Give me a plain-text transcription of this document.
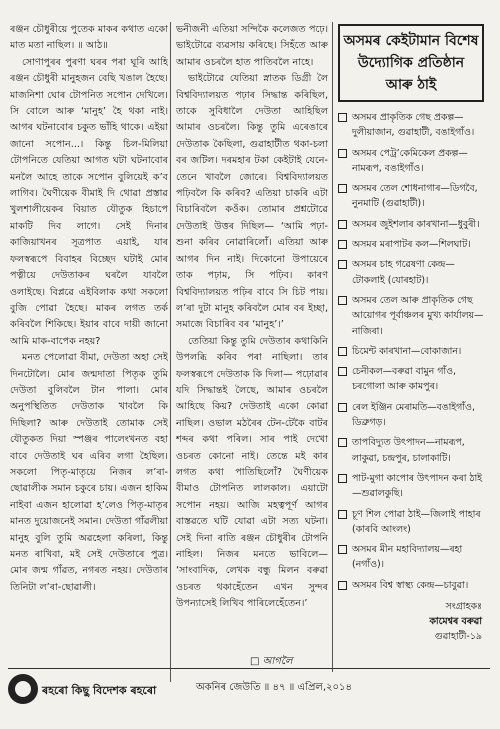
ৰঞ্জন চৌধুৰীয়ে পুতেক মাকৰ কথাত একো মাত মতা নাছিল। ॥ আঠ॥

সোণাপুৰৰ পুৰণা ঘৰৰ পৰা ঘূৰি আহি ৰঞ্জন চৌধুৰী মানুহজন বেছি খঙাল হৈছে। মাজনিশা ঘোৰ টোপনিত সপোন দেখিলে। সি বোলে আৰু ‘মানুহ’ হৈ থকা নাই। আগৰ ঘটনাবোৰ চকুত ভাঁহি থাকে। এইয়া জানো সপোন...। কিন্তু চিল-মিলিয়া টোপনিতে যেতিয়া আগত ঘটা ঘটনাবোৰ মনলৈ আহে তাকে সপোন বুলিয়েই ক’ব লাগিব। ঘৈণীয়েক বীমাই দি থোৱা প্ৰস্তাৱ খুলশালীয়েকৰ বিয়াত যৌতুক হিচাপে মাকটি দিব লাগে। সেই দিনাৰ কাজিয়াখনৰ সূত্ৰপাত এয়াই, যাৰ ফলস্বৰূপে বিবাহৰ বিচ্ছেদ ঘটাই মোৰ পত্নীয়ে দেউতাকৰ ঘৰলৈ যাবলৈ ওলাইছে। বিপ্লৱে এইবিলাক কথা সকলো বুজি পোৱা হৈছে। মাকৰ লগত তৰ্ক কৰিবলৈ শিকিছে। ইয়াৰ বাবে দায়ী জানো আমি মাক-বাপেক নহয়?

মনত পেলোৱা বীমা, দেউতা অহা সেই দিনটোলৈ। মোৰ জন্মদাতা পিতৃক তুমি দেউতা বুলিবলৈ টান পালা। মোৰ অনুপস্থিতিত দেউতাক খাবলৈ কি দিছিলা? আৰু দেউতাই তোমাক সেই যৌতুকত দিয়া স্পঞ্জৰ পালেংখনত বহা বাবে দেউতাই ঘৰ এৰিব লগা হৈছিল। সকলো পিতৃ-মাতৃয়ে নিজৰ ল’ৰা-ছোৱালীক সমান চকুৰে চায়। এজন হাকিম নাইবা এজন হালোৱা হ’লেও পিতৃ-মাতৃৰ মানত দুয়োজনেই সমান। দেউতা গাঁৱলীয়া মানুহ বুলি তুমি অৱহেলা কৰিলা, কিন্তু মনত ৰাখিবা, মই সেই দেউতাৰে পুত্ৰ। মোৰ জন্ম গাঁৱত, নগৰত নহয়। দেউতাৰ তিনিটা ল’ৰা-ছোৱালী।

ভনীজনী এতিয়া সন্দিকৈ কলেজত পঢ়ে। ভাইটোৱে ব্যৱসায় কৰিছে। সিহঁতে আৰু আমাৰ ওচৰলৈ হাত পাতিবলৈ নাহে।

ভাইটোৱে যেতিয়া স্নাতক ডিগ্ৰী লৈ বিশ্ববিদ্যালয়ত পঢ়াৰ সিদ্ধান্ত কৰিছিল, তাকে সুবিধালৈ দেউতা আহিছিল আমাৰ ওচৰলৈ। কিন্তু তুমি এৰেঙাৰে দেউতাক কৈছিলা, গুৱাহাটীত থকা-চলা বৰ জটিল। দৰমহাৰ টকা কেইটাই যেনে-তেনে খাবলৈ জোৰে। বিশ্ববিদ্যালয়ত পঢ়িবলৈ কি কৰিব? এতিয়া চাকৰি এটা বিচাৰিবলৈ কওঁক। তোমাৰ প্ৰশ্নটোৱে দেউতাই উত্তৰ দিছিল— ‘আমি পঢ়া-শুনা কৰিব নোৱাৰিলোঁ। এতিয়া আৰু আগৰ দিন নাই। দিকোনো উপায়েৰে তাক পঢ়াম, সি পঢ়িব। কাৰণ বিশ্ববিদ্যালয়ত পঢ়িৰ বাবে সি চিট পায়। ল’ৰা দুটা মানুহ কৰিবলৈ মোৰ বৰ ইচ্ছা, সমাজে বিচাৰিব বৰ ‘মানুহ’।’

তেতিয়া কিন্তু তুমি দেউতাৰ কথাকিনি উপলব্ধি কৰিব পৰা নাছিলা। তাৰ ফলস্বৰূপে দেউতাক কি দিলা— পঢ়োৱাৰ যদি সিদ্ধান্তই লৈছে, আমাৰ ওচৰলৈ আহিছে কিয়? দেউতাই একো কোৱা নাছিল। ওভাল মঠৰৈৰ টেন-টেকৈ বাটৰ শব্দৰ কথা পৰিল। সাৰ পাই দেখো ওচৰত কোনো নাই। তেন্তে মই কাৰ লগত কথা পাতিছিলোঁ? ঘৈণীয়েক বীমাও টোপনিত লালকাল। এয়াটো সপোন নহয়। আজি মহত্বপূৰ্ণ আগৰ বাস্তৱতে ঘটি যোৱা এটা সত্য ঘটনা। সেই দিনা ৰাতি ৰঞ্জন চৌধুৰীৰ টোপনি নাহিল। নিজৰ মনতে ভাবিলে— ‘সাংবাদিক, লেখক বন্ধু মিলন বৰুৱা ওচৰত থকাহেঁতেন এখন সুন্দৰ উপন্যাসেই লিখিব পাৰিলেহেঁতেন।’

□ আগলৈ
অসমৰ কেইটামান বিশেষ উদ্যোগিক প্ৰতিষ্ঠান আৰু ঠাই
অসমৰ প্ৰাকৃতিক গেছ প্ৰকল্প—দুলীয়াজান, গুৱাহাটী, বঙাইগাঁও।
অসমৰ পেট্ৰ’কেমিকেল প্ৰকল্প—নামৰূপ, বঙাইগাঁও।
অসমৰ তেল শোধনাগাৰ—ডিগবৈ, নুনমাটি (গুৱাহাটী)।
অসমৰ জুইশলাৰ কাৰখানা—ধুবুৰী।
অসমৰ মৰাপাটৰ কল—শিলঘাট।
অসমৰ চাহ গৱেষণা কেন্দ্ৰ—টোকলাই (যোৰহাট)।
অসমৰ তেল আৰু প্ৰাকৃতিক গেছ আয়োগৰ পূৰ্বাঞ্চলৰ মুখ্য কাৰ্যালয়—নাজিৰা।
চিমেন্ট কাৰখানা—বোকাজান।
চেনীকল—বৰুৱা বামুন গাঁও, চৰগোলা আৰু কামপুৰ।
ৰেল ইঞ্জিন মেৰামতি—বঙাইগাঁও, ডিব্ৰুগড়।
তাপবিদ্যুত উৎপাদন—নামৰূপ, লাকুৱা, চন্দ্ৰপুৰ, চালাকাটি।
পাট-মুগা কাপোৰ উৎপাদন কৰা ঠাই—শুৱালকুছি।
চূণ শিল পোৱা ঠাই—জিলাই পাহাৰ (কাৰবি আংলং)
অসমৰ মীন মহাবিদ্যালয়—ৰহা (নগাঁও)।
অসমৰ বিশ্ব স্বাস্থ্য কেন্দ্ৰ—চাবুৱা।
সংগ্ৰাহকঃ
কামেশ্বৰ বৰুৱা
গুৱাহাটী-১৯
ৰহৰো কিছু বিদেশক ৰহৰো	অকনিৰ জেউতি ॥ ৪৭ ॥ এপ্ৰিল,২০১৪
